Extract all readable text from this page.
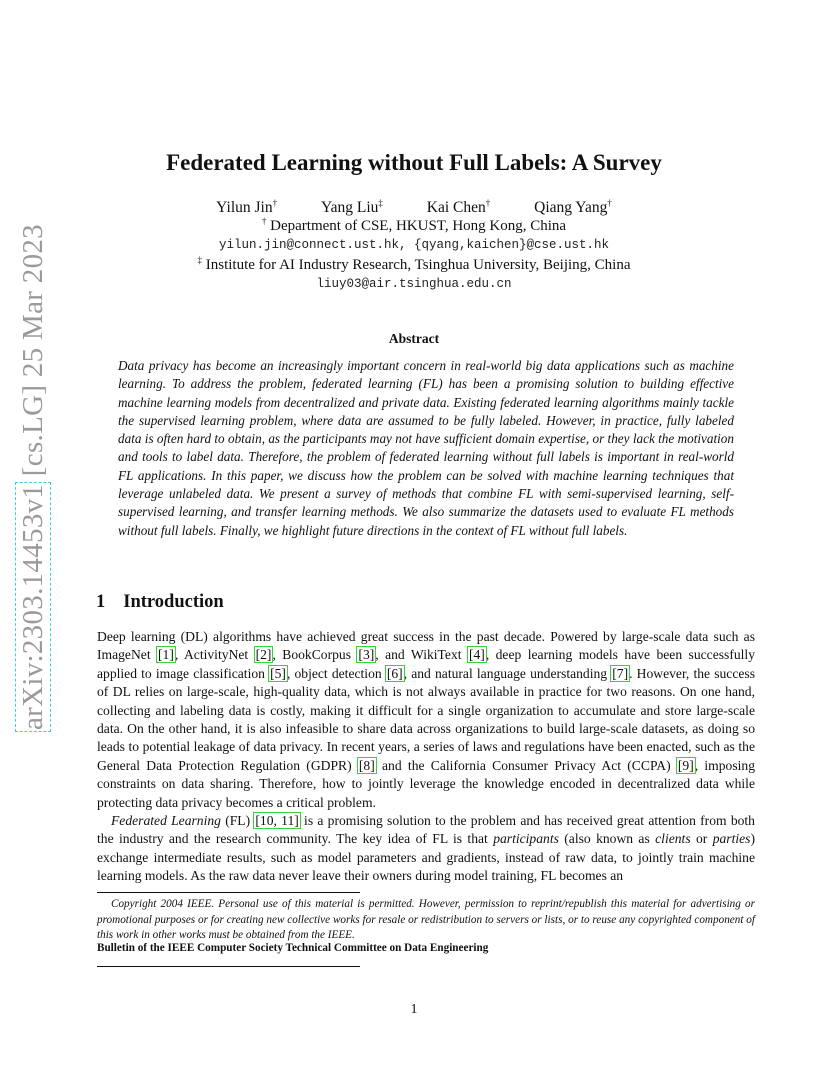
arXiv:2303.14453v1 [cs.LG] 25 Mar 2023
Federated Learning without Full Labels: A Survey
Yilun Jin†	Yang Liu‡	Kai Chen†	Qiang Yang†
† Department of CSE, HKUST, Hong Kong, China
yilun.jin@connect.ust.hk, {qyang,kaichen}@cse.ust.hk
‡ Institute for AI Industry Research, Tsinghua University, Beijing, China
liuy03@air.tsinghua.edu.cn
Abstract
Data privacy has become an increasingly important concern in real-world big data applications such as machine learning. To address the problem, federated learning (FL) has been a promising solution to building effective machine learning models from decentralized and private data. Existing federated learning algorithms mainly tackle the supervised learning problem, where data are assumed to be fully labeled. However, in practice, fully labeled data is often hard to obtain, as the participants may not have sufficient domain expertise, or they lack the motivation and tools to label data. Therefore, the problem of federated learning without full labels is important in real-world FL applications. In this paper, we discuss how the problem can be solved with machine learning techniques that leverage unlabeled data. We present a survey of methods that combine FL with semi-supervised learning, self-supervised learning, and transfer learning methods. We also summarize the datasets used to evaluate FL methods without full labels. Finally, we highlight future directions in the context of FL without full labels.
1 Introduction

Deep learning (DL) algorithms have achieved great success in the past decade. Powered by large-scale data such as ImageNet [1], ActivityNet [2], BookCorpus [3], and WikiText [4], deep learning models have been successfully applied to image classification [5], object detection [6], and natural language understanding [7]. However, the success of DL relies on large-scale, high-quality data, which is not always available in practice for two reasons. On one hand, collecting and labeling data is costly, making it difficult for a single organization to accumulate and store large-scale data. On the other hand, it is also infeasible to share data across organizations to build large-scale datasets, as doing so leads to potential leakage of data privacy. In recent years, a series of laws and regulations have been enacted, such as the General Data Protection Regulation (GDPR) [8] and the California Consumer Privacy Act (CCPA) [9], imposing constraints on data sharing. Therefore, how to jointly leverage the knowledge encoded in decentralized data while protecting data privacy becomes a critical problem.

Federated Learning (FL) [10, 11] is a promising solution to the problem and has received great attention from both the industry and the research community. The key idea of FL is that participants (also known as clients or parties) exchange intermediate results, such as model parameters and gradients, instead of raw data, to jointly train machine learning models. As the raw data never leave their owners during model training, FL becomes an

Copyright 2004 IEEE. Personal use of this material is permitted. However, permission to reprint/republish this material for advertising or promotional purposes or for creating new collective works for resale or redistribution to servers or lists, or to reuse any copyrighted component of this work in other works must be obtained from the IEEE.
Bulletin of the IEEE Computer Society Technical Committee on Data Engineering
1
